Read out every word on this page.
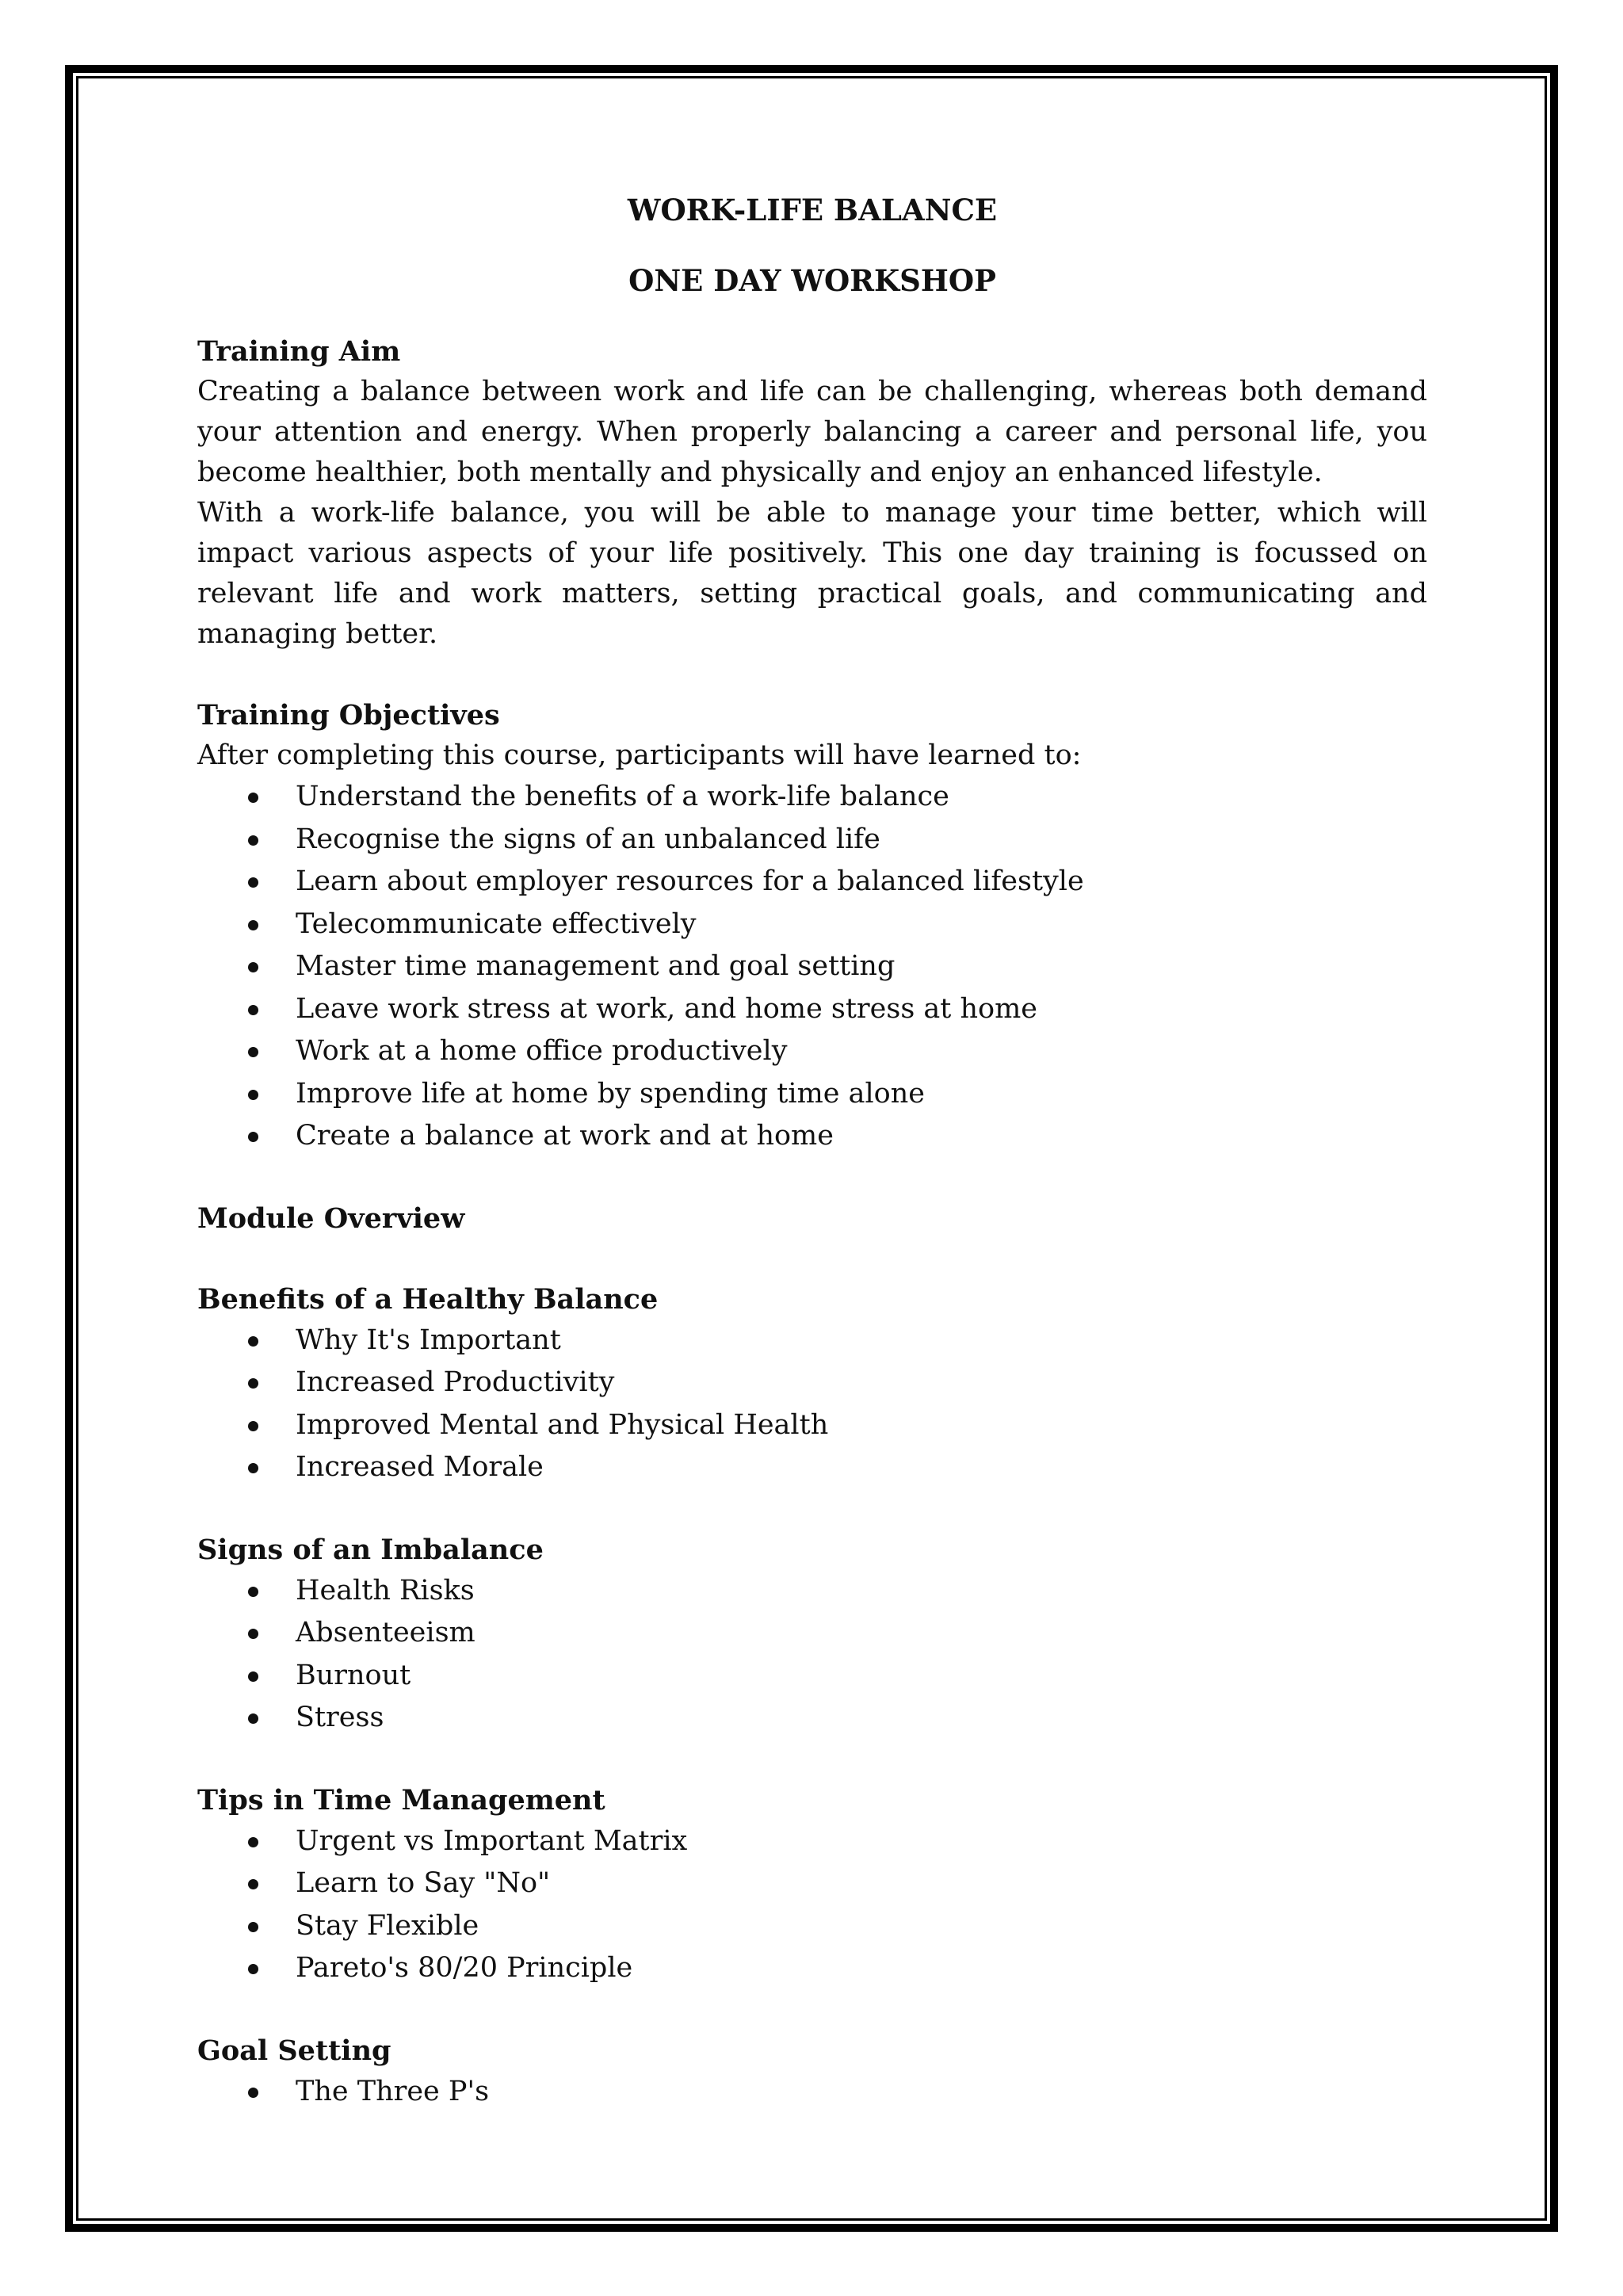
WORK-LIFE BALANCE

ONE DAY WORKSHOP

Training Aim

Creating a balance between work and life can be challenging, whereas both demand your attention and energy. When properly balancing a career and personal life, you become healthier, both mentally and physically and enjoy an enhanced lifestyle.

With a work-life balance, you will be able to manage your time better, which will impact various aspects of your life positively. This one day training is focussed on relevant life and work matters, setting practical goals, and communicating and managing better.

Training Objectives

After completing this course, participants will have learned to:

Understand the benefits of a work-life balance
Recognise the signs of an unbalanced life
Learn about employer resources for a balanced lifestyle
Telecommunicate effectively
Master time management and goal setting
Leave work stress at work, and home stress at home
Work at a home office productively
Improve life at home by spending time alone
Create a balance at work and at home

Module Overview

Benefits of a Healthy Balance

Why It's Important
Increased Productivity
Improved Mental and Physical Health
Increased Morale

Signs of an Imbalance

Health Risks
Absenteeism
Burnout
Stress

Tips in Time Management

Urgent vs Important Matrix
Learn to Say "No"
Stay Flexible
Pareto's 80/20 Principle

Goal Setting

The Three P's
